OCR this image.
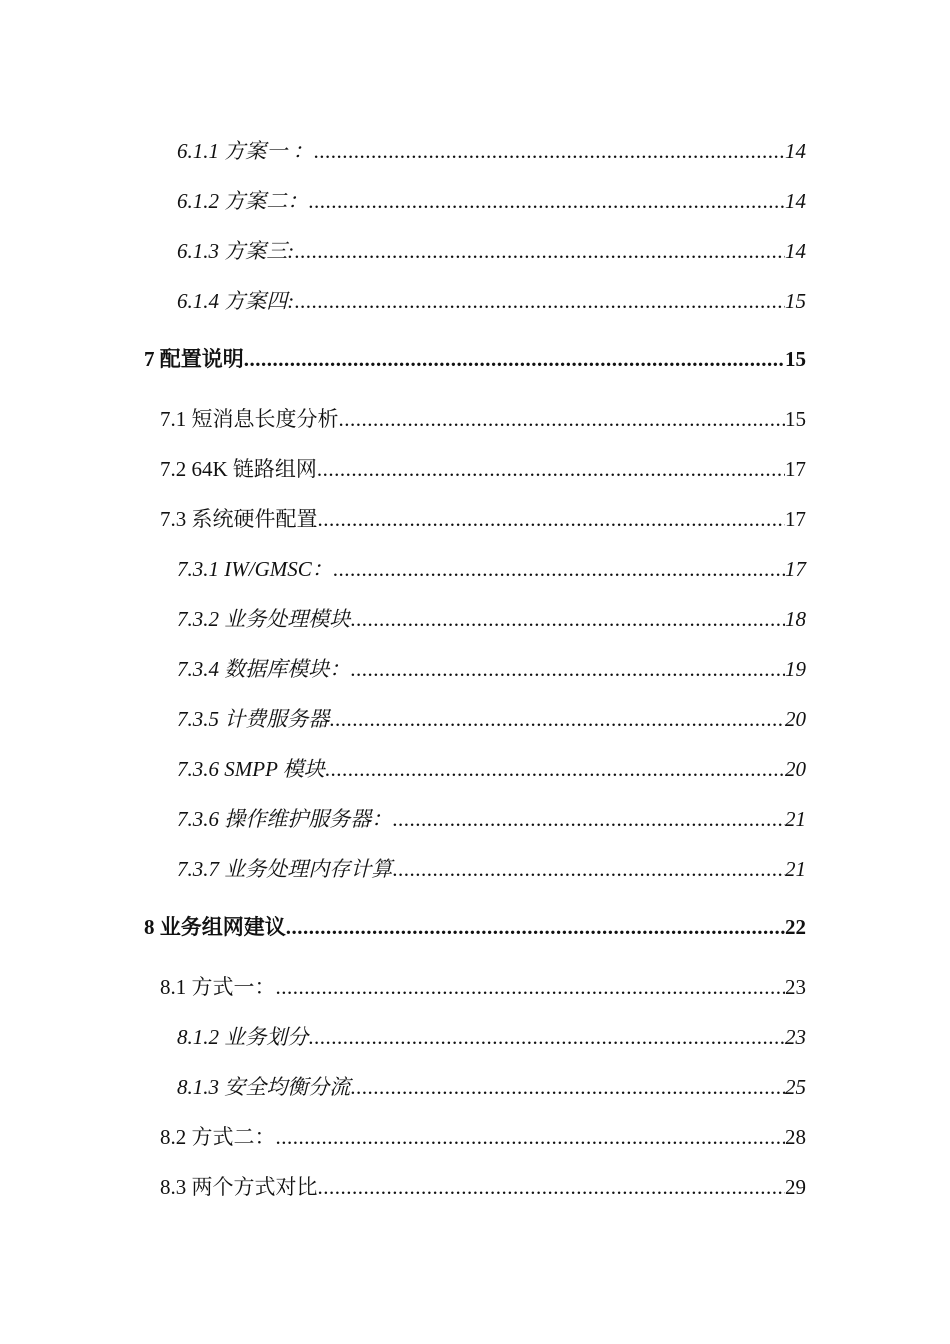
6.1.1 方案一 ： .....	14
6.1.2 方案二： .....	14
6.1.3 方案三: .....	14
6.1.4 方案四: .....	15
7 配置说明 .....	15
7.1 短消息长度分析 .....	15
7.2 64K 链路组网 .....	17
7.3 系统硬件配置 .....	17
7.3.1 IW/GMSC： .....	17
7.3.2 业务处理模块 .....	18
7.3.4 数据库模块： .....	19
7.3.5 计费服务器 .....	20
7.3.6 SMPP 模块 .....	20
7.3.6 操作维护服务器： .....	21
7.3.7 业务处理内存计算 .....	21
8 业务组网建议 .....	22
8.1 方式一： .....	23
8.1.2 业务划分 .....	23
8.1.3 安全均衡分流 .....	25
8.2 方式二： .....	28
8.3 两个方式对比 .....	29
